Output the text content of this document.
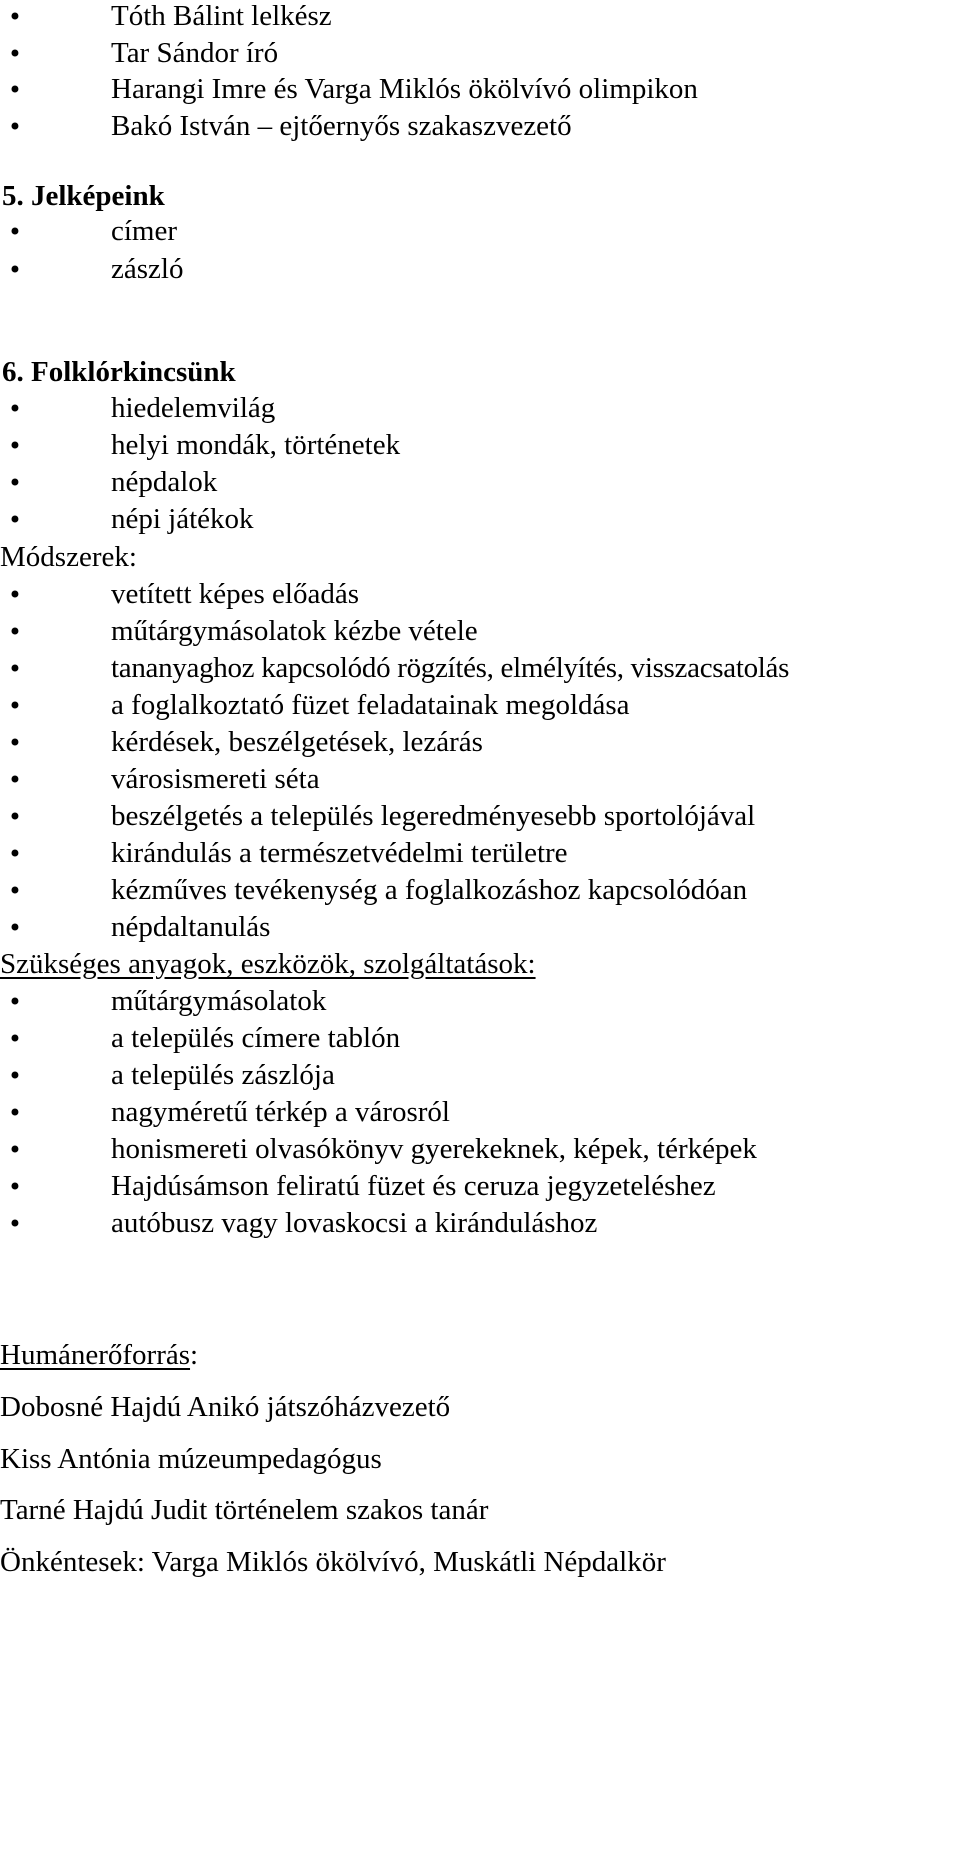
•
Tóth Bálint lelkész
•
Tar Sándor író
•
Harangi Imre és Varga Miklós ökölvívó olimpikon
•
Bakó István – ejtőernyős szakaszvezető
5. Jelképeink
•
címer
•
zászló
6. Folklórkincsünk
•
hiedelemvilág
•
helyi mondák, történetek
•
népdalok
•
népi játékok
Módszerek:
•
vetített képes előadás
•
műtárgymásolatok kézbe vétele
•
tananyaghoz kapcsolódó rögzítés, elmélyítés, visszacsatolás
•
a foglalkoztató füzet feladatainak megoldása
•
kérdések, beszélgetések, lezárás
•
városismereti séta
•
beszélgetés a település legeredményesebb sportolójával
•
kirándulás a természetvédelmi területre
•
kézműves tevékenység a foglalkozáshoz kapcsolódóan
•
népdaltanulás
Szükséges anyagok, eszközök, szolgáltatások:
•
műtárgymásolatok
•
a település címere tablón
•
a település zászlója
•
nagyméretű térkép a városról
•
honismereti olvasókönyv gyerekeknek, képek, térképek
•
Hajdúsámson feliratú füzet és ceruza jegyzeteléshez
•
autóbusz vagy lovaskocsi a kiránduláshoz
Humánerőforrás:
Dobosné Hajdú Anikó játszóházvezető
Kiss Antónia múzeumpedagógus
Tarné Hajdú Judit történelem szakos tanár
Önkéntesek: Varga Miklós ökölvívó, Muskátli Népdalkör
